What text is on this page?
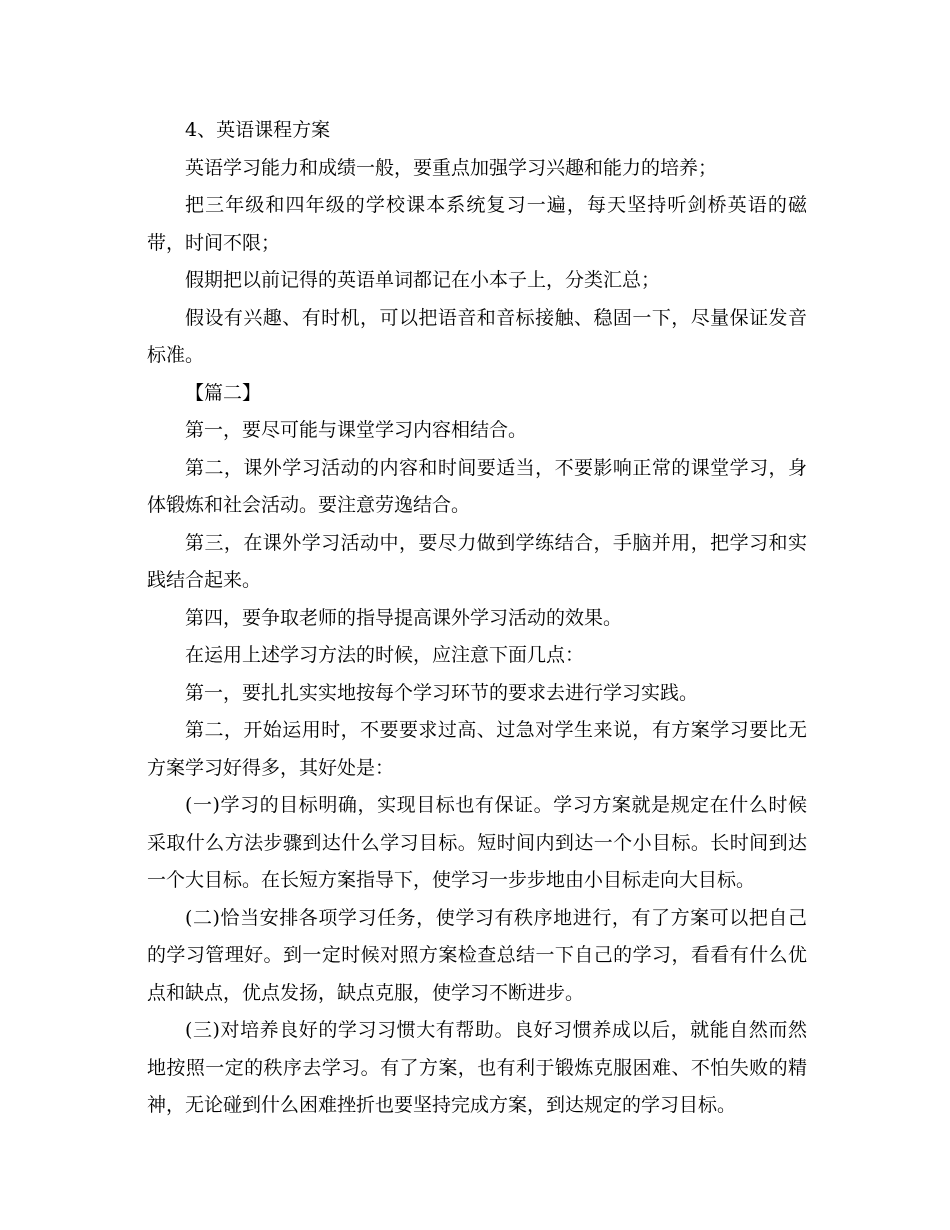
4、英语课程方案

英语学习能力和成绩一般，要重点加强学习兴趣和能力的培养；

把三年级和四年级的学校课本系统复习一遍，每天坚持听剑桥英语的磁带，时间不限；

假期把以前记得的英语单词都记在小本子上，分类汇总；

假设有兴趣、有时机，可以把语音和音标接触、稳固一下，尽量保证发音标准。

【篇二】

第一，要尽可能与课堂学习内容相结合。

第二，课外学习活动的内容和时间要适当，不要影响正常的课堂学习，身体锻炼和社会活动。要注意劳逸结合。

第三，在课外学习活动中，要尽力做到学练结合，手脑并用，把学习和实践结合起来。

第四，要争取老师的指导提高课外学习活动的效果。

在运用上述学习方法的时候，应注意下面几点：

第一，要扎扎实实地按每个学习环节的要求去进行学习实践。

第二，开始运用时，不要要求过高、过急对学生来说，有方案学习要比无方案学习好得多，其好处是：

(一)学习的目标明确，实现目标也有保证。学习方案就是规定在什么时候采取什么方法步骤到达什么学习目标。短时间内到达一个小目标。长时间到达一个大目标。在长短方案指导下，使学习一步步地由小目标走向大目标。

(二)恰当安排各项学习任务，使学习有秩序地进行，有了方案可以把自己的学习管理好。到一定时候对照方案检查总结一下自己的学习，看看有什么优点和缺点，优点发扬，缺点克服，使学习不断进步。

(三)对培养良好的学习习惯大有帮助。良好习惯养成以后，就能自然而然地按照一定的秩序去学习。有了方案，也有利于锻炼克服困难、不怕失败的精神，无论碰到什么困难挫折也要坚持完成方案，到达规定的学习目标。
